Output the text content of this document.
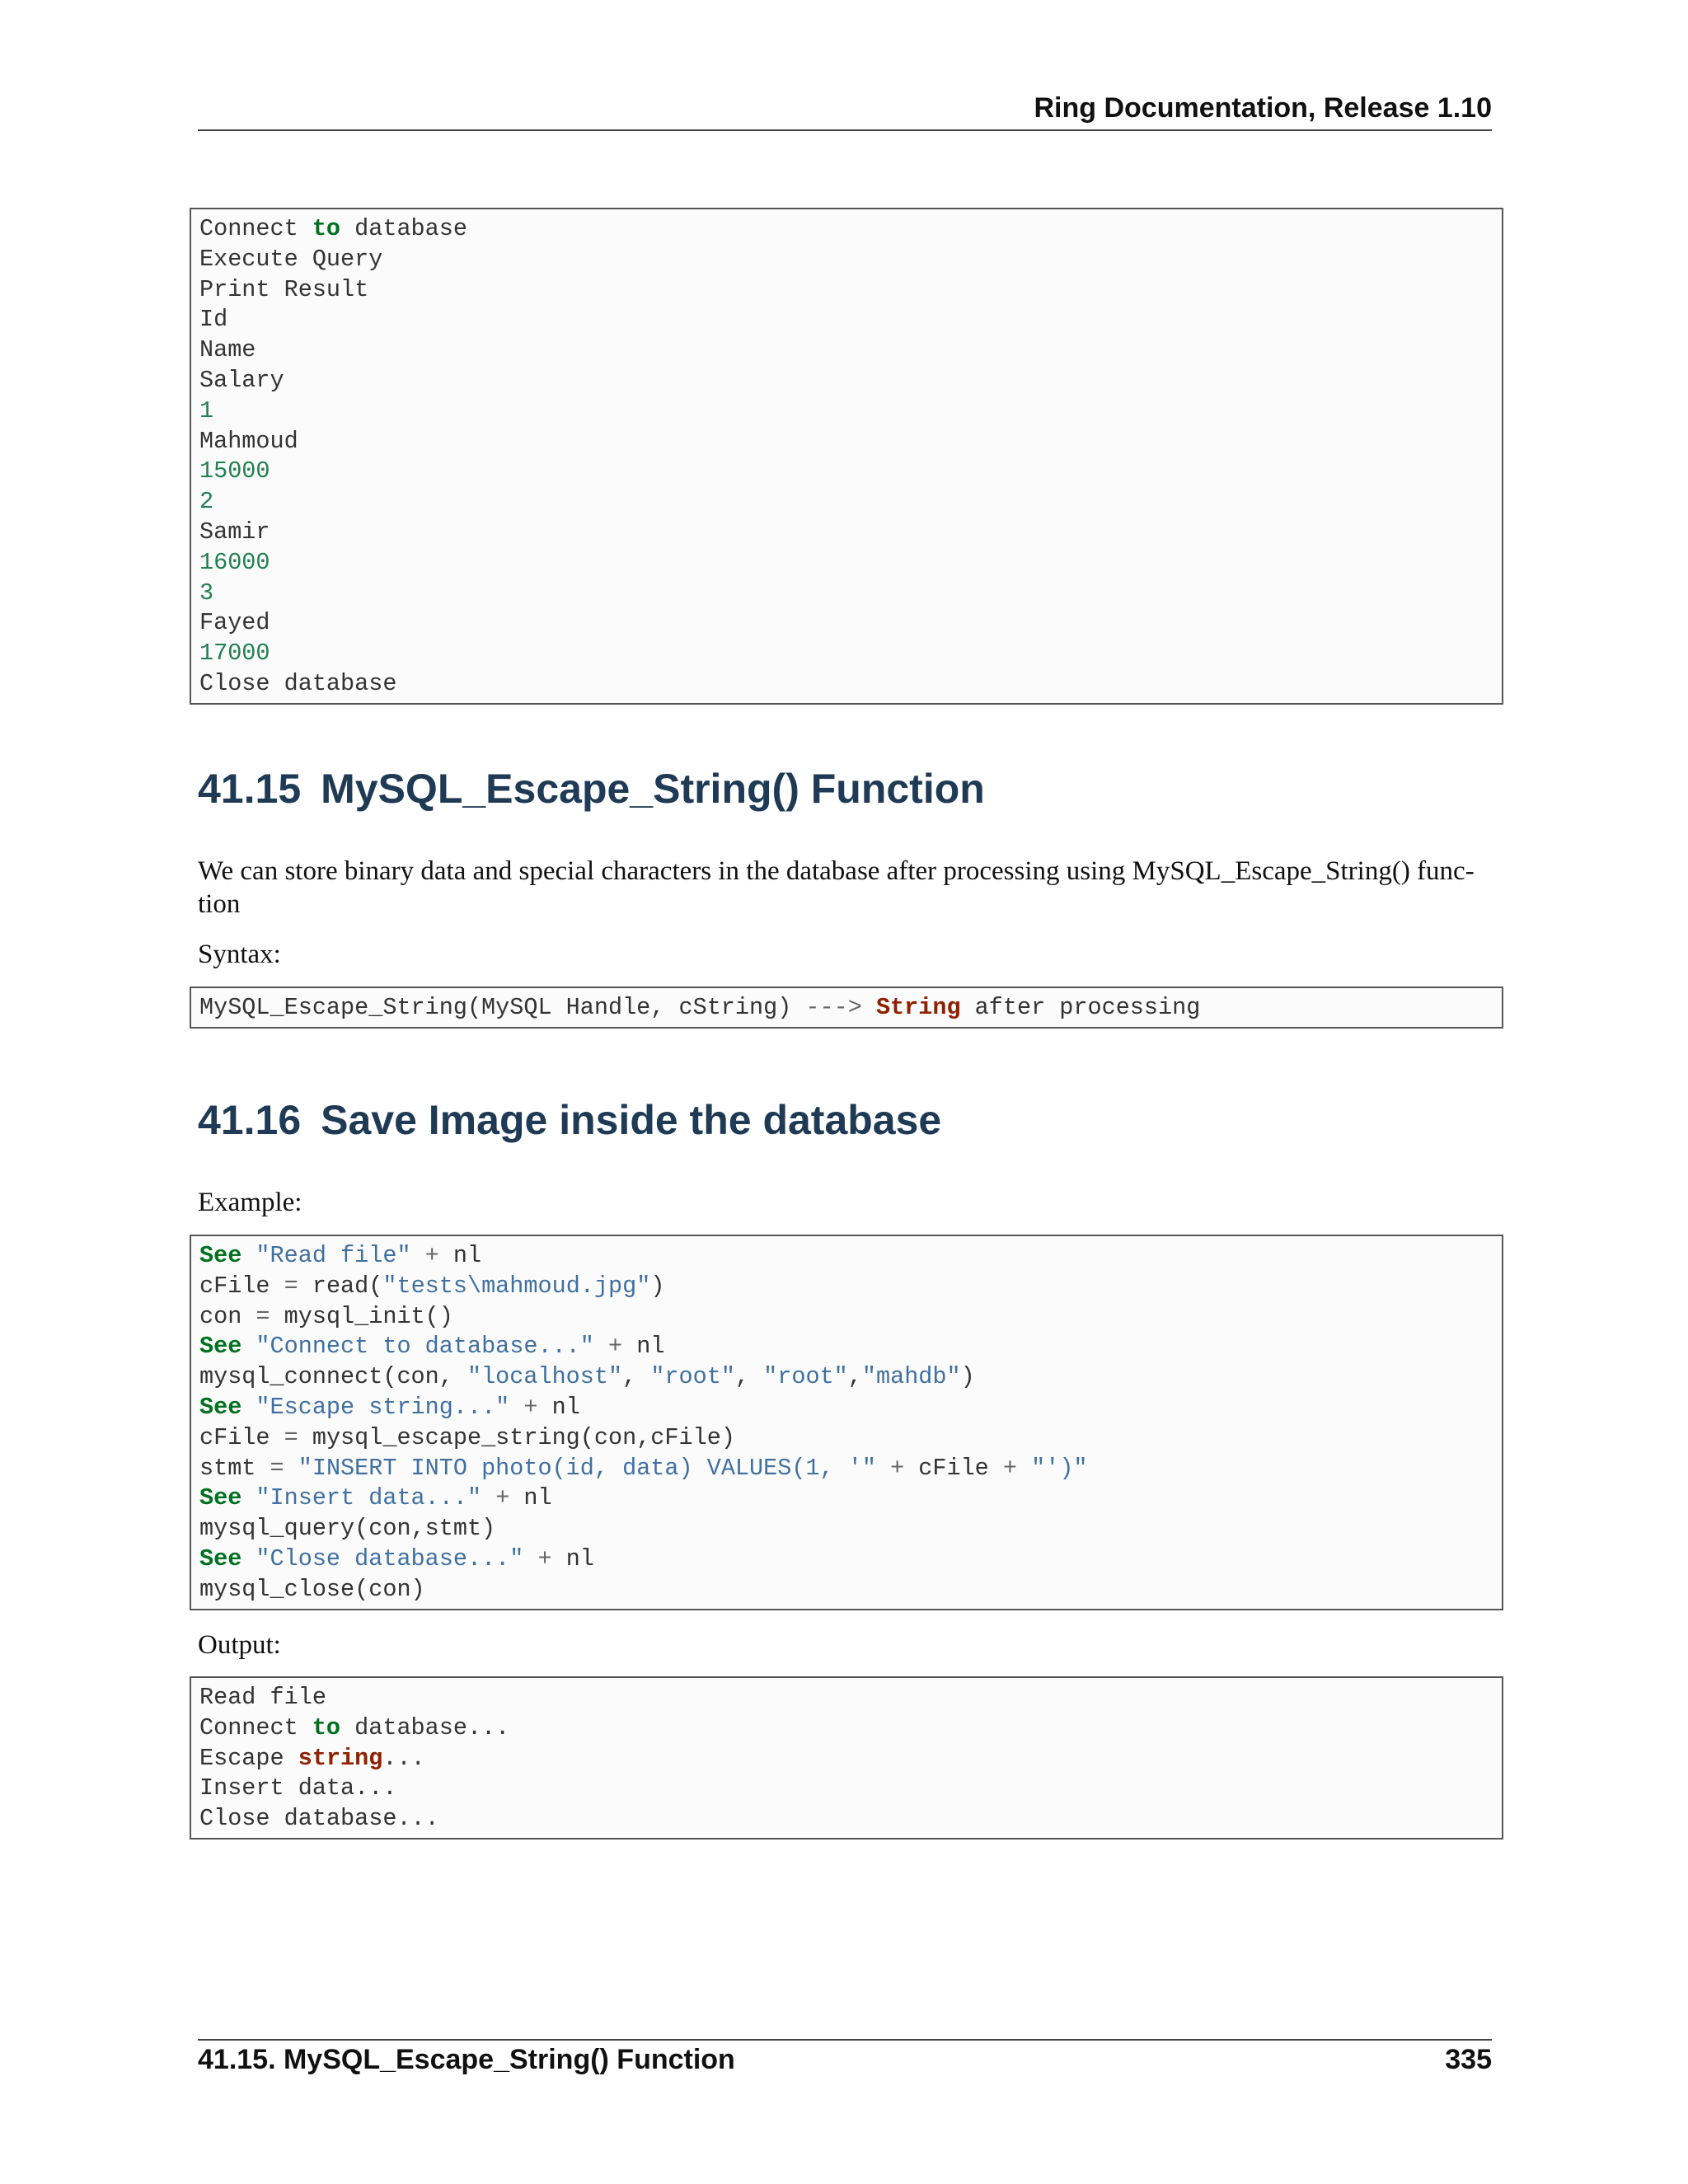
Ring Documentation, Release 1.10
Connect to database
Execute Query
Print Result
Id
Name
Salary
1
Mahmoud
15000
2
Samir
16000
3
Fayed
17000
Close database
41.15 MySQL_Escape_String() Function
We can store binary data and special characters in the database after processing using MySQL_Escape_String() func-
tion
Syntax:
MySQL_Escape_String(MySQL Handle, cString) ---> String after processing
41.16 Save Image inside the database
Example:
See "Read file" + nl
cFile = read("tests\mahmoud.jpg")
con = mysql_init()
See "Connect to database..." + nl
mysql_connect(con, "localhost", "root", "root","mahdb")
See "Escape string..." + nl
cFile = mysql_escape_string(con,cFile)
stmt = "INSERT INTO photo(id, data) VALUES(1, '" + cFile + "')"
See "Insert data..." + nl
mysql_query(con,stmt)
See "Close database..." + nl
mysql_close(con)
Output:
Read file
Connect to database...
Escape string...
Insert data...
Close database...
41.15. MySQL_Escape_String() Function	335
